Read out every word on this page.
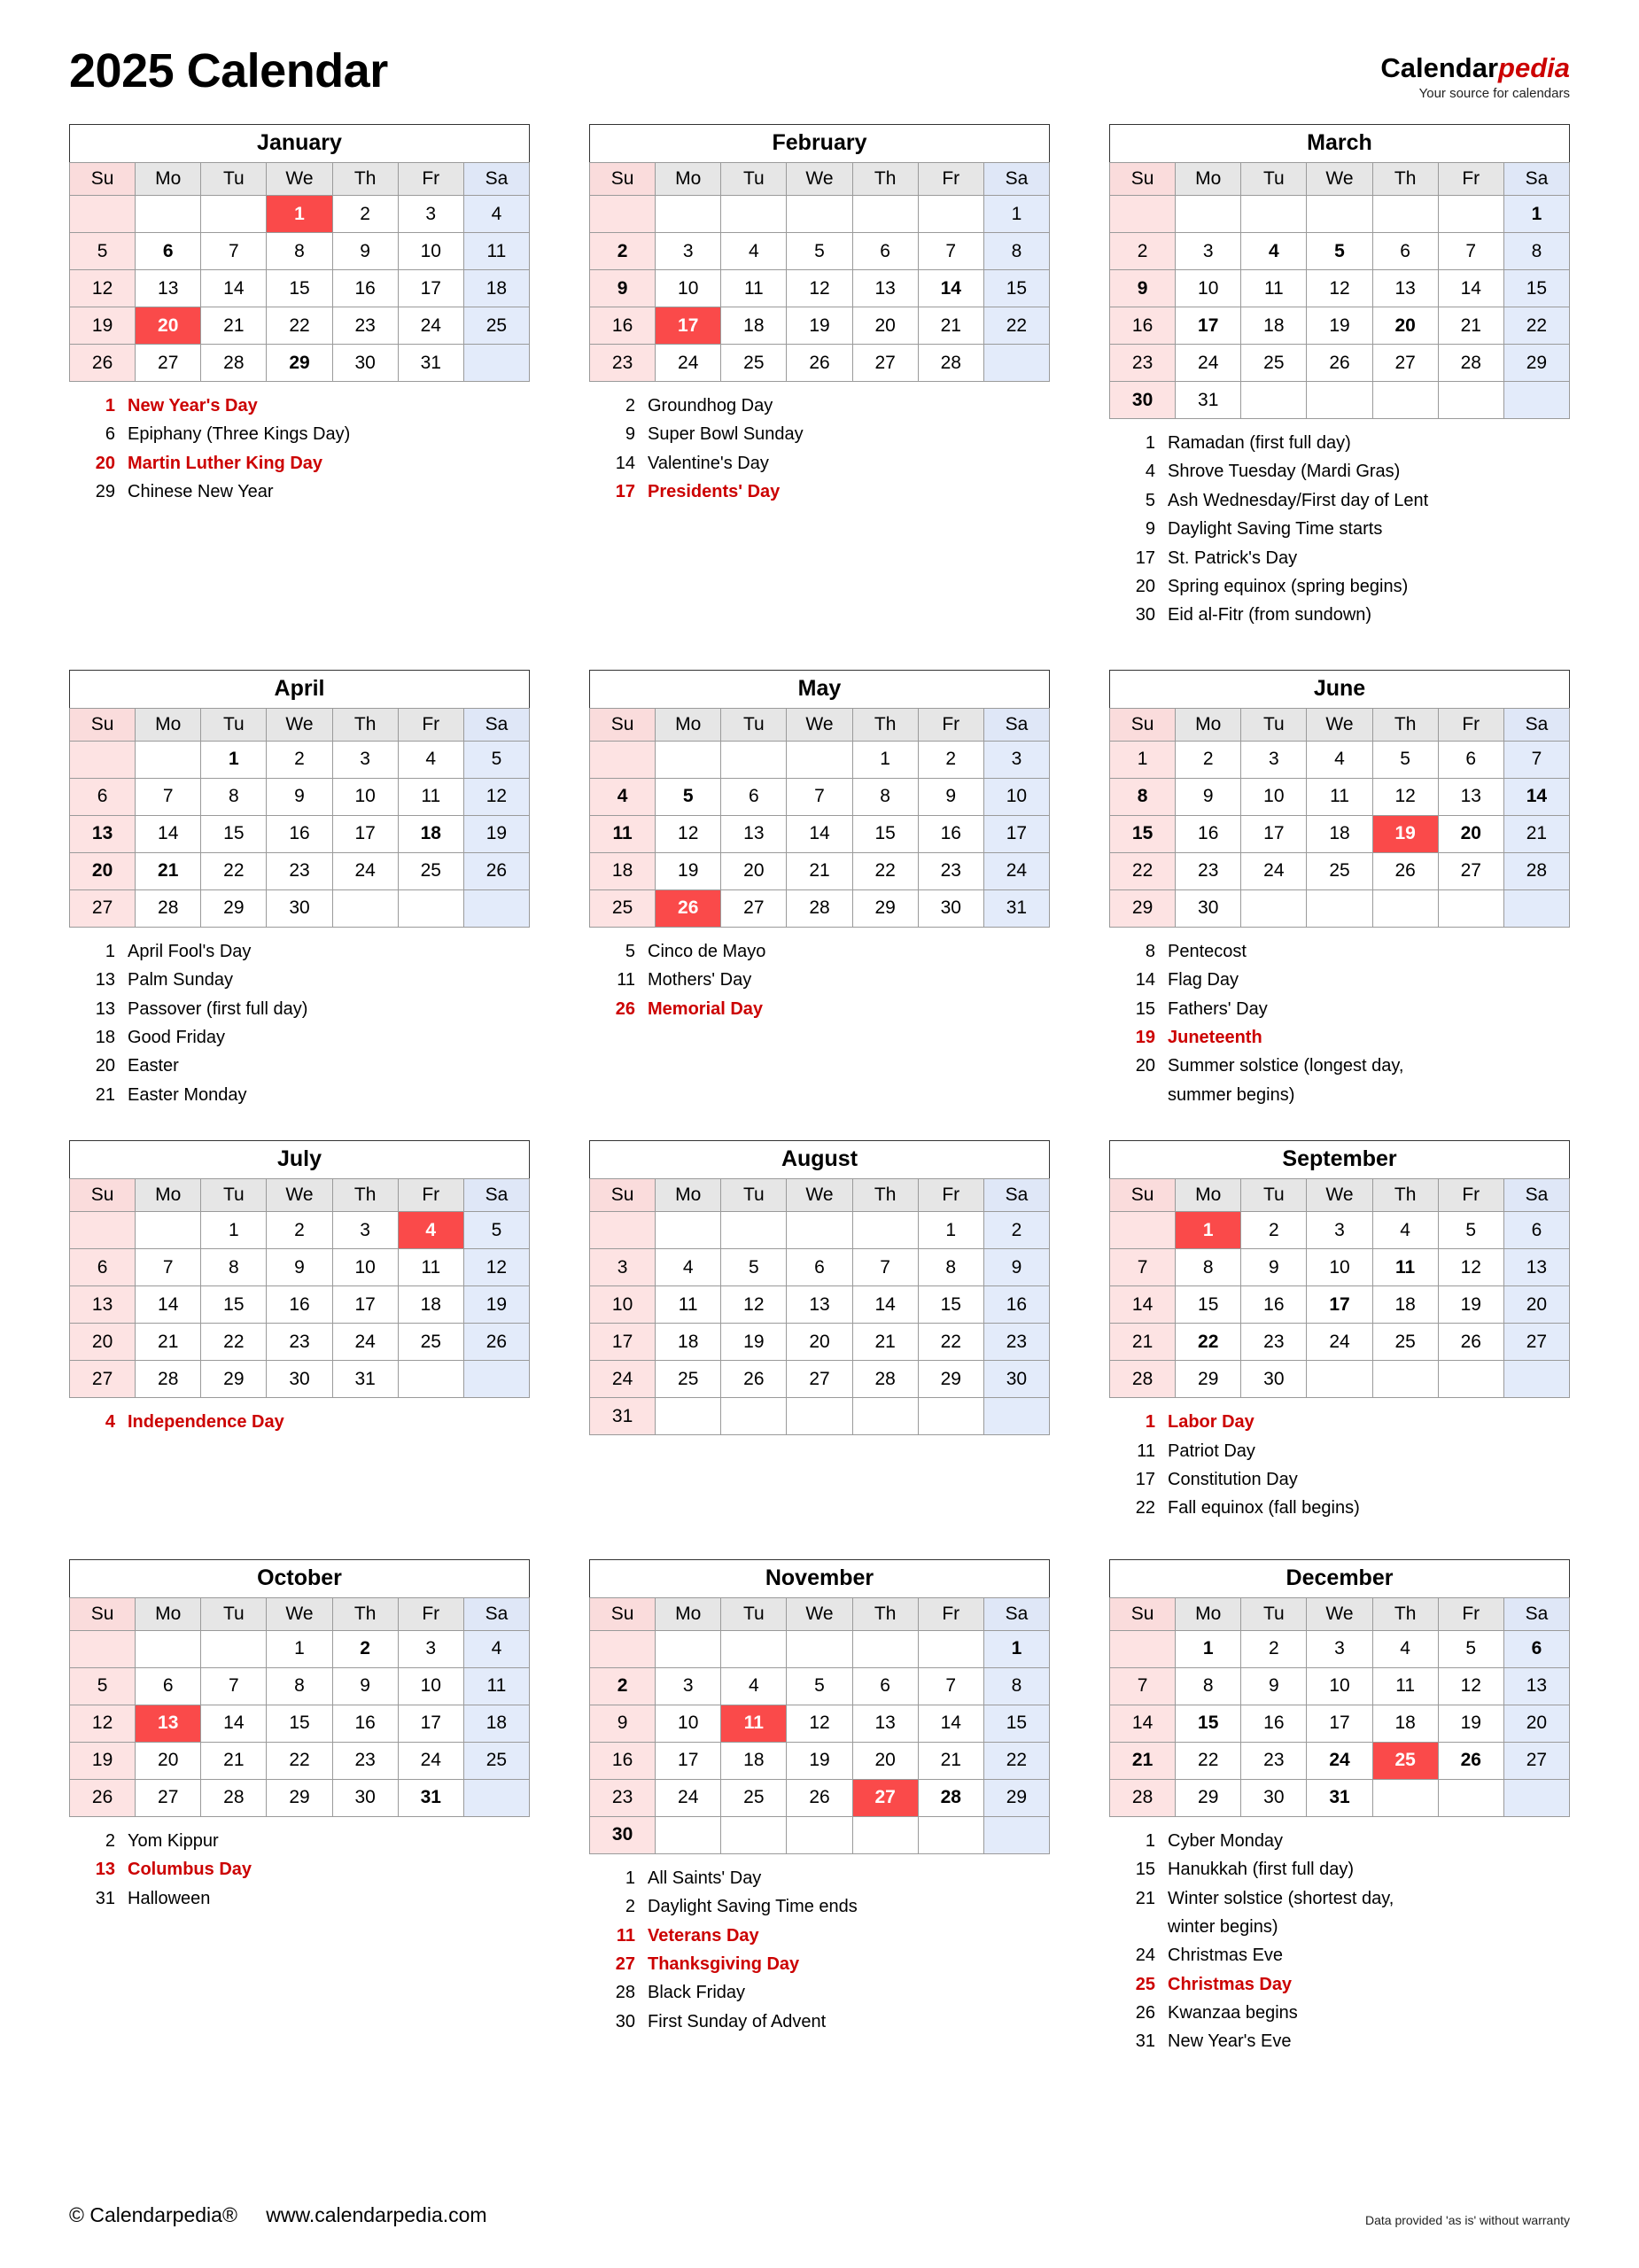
2025 Calendar	Calendarpedia
Your source for calendars
January
Su	Mo	Tu	We	Th	Fr	Sa
			1	2	3	4
5	6	7	8	9	10	11
12	13	14	15	16	17	18
19	20	21	22	23	24	25
26	27	28	29	30	31	
1 New Year's Day
6 Epiphany (Three Kings Day)
20 Martin Luther King Day
29 Chinese New Year
February
Su	Mo	Tu	We	Th	Fr	Sa
						1
2	3	4	5	6	7	8
9	10	11	12	13	14	15
16	17	18	19	20	21	22
23	24	25	26	27	28	
2 Groundhog Day
9 Super Bowl Sunday
14 Valentine's Day
17 Presidents' Day
March
Su	Mo	Tu	We	Th	Fr	Sa
						1
2	3	4	5	6	7	8
9	10	11	12	13	14	15
16	17	18	19	20	21	22
23	24	25	26	27	28	29
30	31					
1 Ramadan (first full day)
4 Shrove Tuesday (Mardi Gras)
5 Ash Wednesday/First day of Lent
9 Daylight Saving Time starts
17 St. Patrick's Day
20 Spring equinox (spring begins)
30 Eid al-Fitr (from sundown)
April
Su	Mo	Tu	We	Th	Fr	Sa
		1	2	3	4	5
6	7	8	9	10	11	12
13	14	15	16	17	18	19
20	21	22	23	24	25	26
27	28	29	30			
1 April Fool's Day
13 Palm Sunday
13 Passover (first full day)
18 Good Friday
20 Easter
21 Easter Monday
May
Su	Mo	Tu	We	Th	Fr	Sa
				1	2	3
4	5	6	7	8	9	10
11	12	13	14	15	16	17
18	19	20	21	22	23	24
25	26	27	28	29	30	31
5 Cinco de Mayo
11 Mothers' Day
26 Memorial Day
June
Su	Mo	Tu	We	Th	Fr	Sa
1	2	3	4	5	6	7
8	9	10	11	12	13	14
15	16	17	18	19	20	21
22	23	24	25	26	27	28
29	30					
8 Pentecost
14 Flag Day
15 Fathers' Day
19 Juneteenth
20 Summer solstice (longest day,
summer begins)
July
Su	Mo	Tu	We	Th	Fr	Sa
		1	2	3	4	5
6	7	8	9	10	11	12
13	14	15	16	17	18	19
20	21	22	23	24	25	26
27	28	29	30	31		
4 Independence Day
August
Su	Mo	Tu	We	Th	Fr	Sa
					1	2
3	4	5	6	7	8	9
10	11	12	13	14	15	16
17	18	19	20	21	22	23
24	25	26	27	28	29	30
31						
September
Su	Mo	Tu	We	Th	Fr	Sa
	1	2	3	4	5	6
7	8	9	10	11	12	13
14	15	16	17	18	19	20
21	22	23	24	25	26	27
28	29	30				
1 Labor Day
11 Patriot Day
17 Constitution Day
22 Fall equinox (fall begins)
October
Su	Mo	Tu	We	Th	Fr	Sa
			1	2	3	4
5	6	7	8	9	10	11
12	13	14	15	16	17	18
19	20	21	22	23	24	25
26	27	28	29	30	31	
2 Yom Kippur
13 Columbus Day
31 Halloween
November
Su	Mo	Tu	We	Th	Fr	Sa
						1
2	3	4	5	6	7	8
9	10	11	12	13	14	15
16	17	18	19	20	21	22
23	24	25	26	27	28	29
30						
1 All Saints' Day
2 Daylight Saving Time ends
11 Veterans Day
27 Thanksgiving Day
28 Black Friday
30 First Sunday of Advent
December
Su	Mo	Tu	We	Th	Fr	Sa
	1	2	3	4	5	6
7	8	9	10	11	12	13
14	15	16	17	18	19	20
21	22	23	24	25	26	27
28	29	30	31			
1 Cyber Monday
15 Hanukkah (first full day)
21 Winter solstice (shortest day,
winter begins)
24 Christmas Eve
25 Christmas Day
26 Kwanzaa begins
31 New Year's Eve
© Calendarpedia® www.calendarpedia.com	Data provided 'as is' without warranty
